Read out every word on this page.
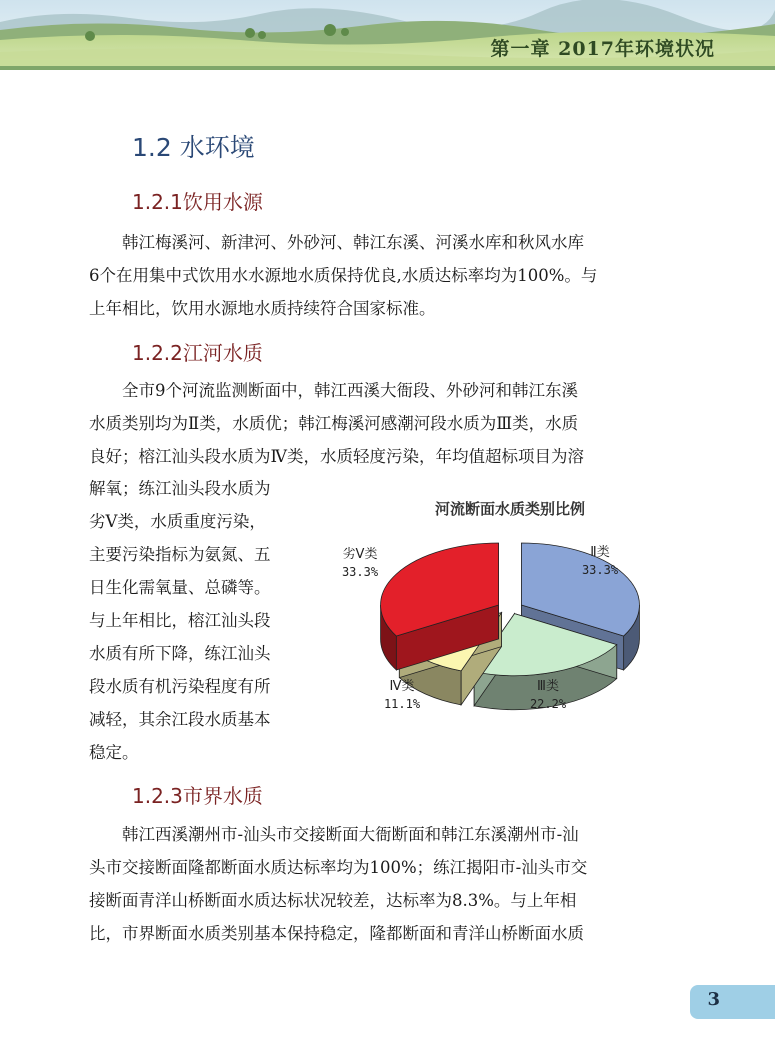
第一章 2017年环境状况
1.2 水环境
1.2.1饮用水源
韩江梅溪河、新津河、外砂河、韩江东溪、河溪水库和秋风水库
6个在用集中式饮用水水源地水质保持优良,水质达标率均为100%。与
上年相比，饮用水源地水质持续符合国家标准。
1.2.2江河水质
全市9个河流监测断面中，韩江西溪大衙段、外砂河和韩江东溪
水质类别均为Ⅱ类，水质优；韩江梅溪河感潮河段水质为Ⅲ类，水质
良好；榕江汕头段水质为Ⅳ类，水质轻度污染，年均值超标项目为溶
解氧；练江汕头段水质为
劣Ⅴ类，水质重度污染，
主要污染指标为氨氮、五
日生化需氧量、总磷等。
与上年相比，榕江汕头段
水质有所下降，练江汕头
段水质有机污染程度有所
减轻，其余江段水质基本
稳定。
河流断面水质类别比例
Ⅱ类
33.3%
Ⅲ类
22.2%
Ⅳ类
11.1%
劣Ⅴ类
33.3%
1.2.3市界水质
韩江西溪潮州市-汕头市交接断面大衙断面和韩江东溪潮州市-汕
头市交接断面隆都断面水质达标率均为100%；练江揭阳市-汕头市交
接断面青洋山桥断面水质达标状况较差，达标率为8.3%。与上年相
比，市界断面水质类别基本保持稳定，隆都断面和青洋山桥断面水质
3
